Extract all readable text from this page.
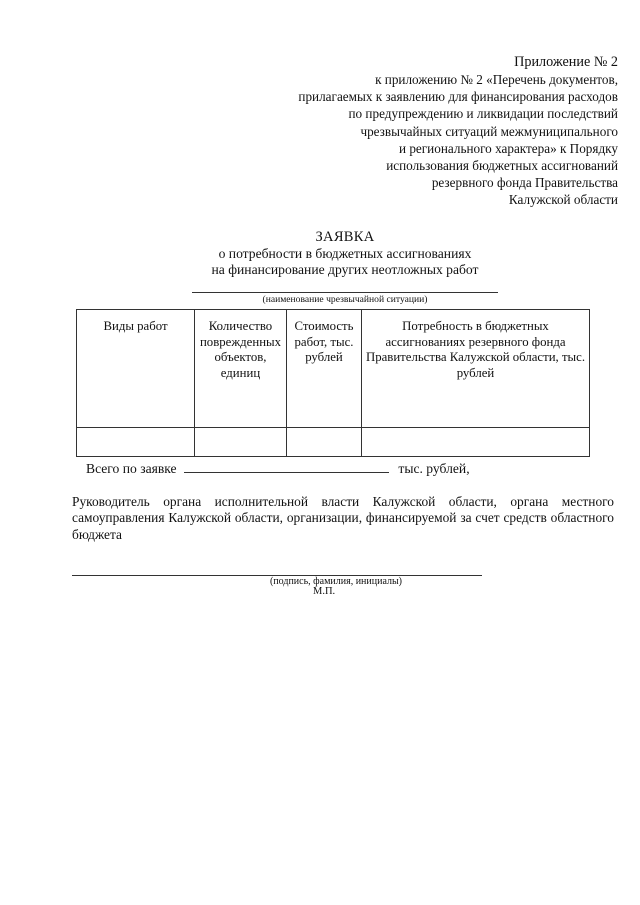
Приложение № 2
к приложению № 2 «Перечень документов,
прилагаемых к заявлению для финансирования расходов
по предупреждению и ликвидации последствий
чрезвычайных ситуаций межмуниципального
и регионального характера» к Порядку
использования бюджетных ассигнований
резервного фонда Правительства
Калужской области
ЗАЯВКА
о потребности в бюджетных ассигнованиях
на финансирование других неотложных работ
(наименование чрезвычайной ситуации)
Виды работ	Количество поврежденных объектов, единиц	Стоимость работ, тыс. рублей	Потребность в бюджетных ассигнованиях резервного фонда Правительства Калужской области, тыс. рублей

Всего по заявке	тыс. рублей,
Руководитель органа исполнительной власти Калужской области, органа местного самоуправления Калужской области, организации, финансируемой за счет средств областного бюджета
(подпись, фамилия, инициалы)
М.П.
